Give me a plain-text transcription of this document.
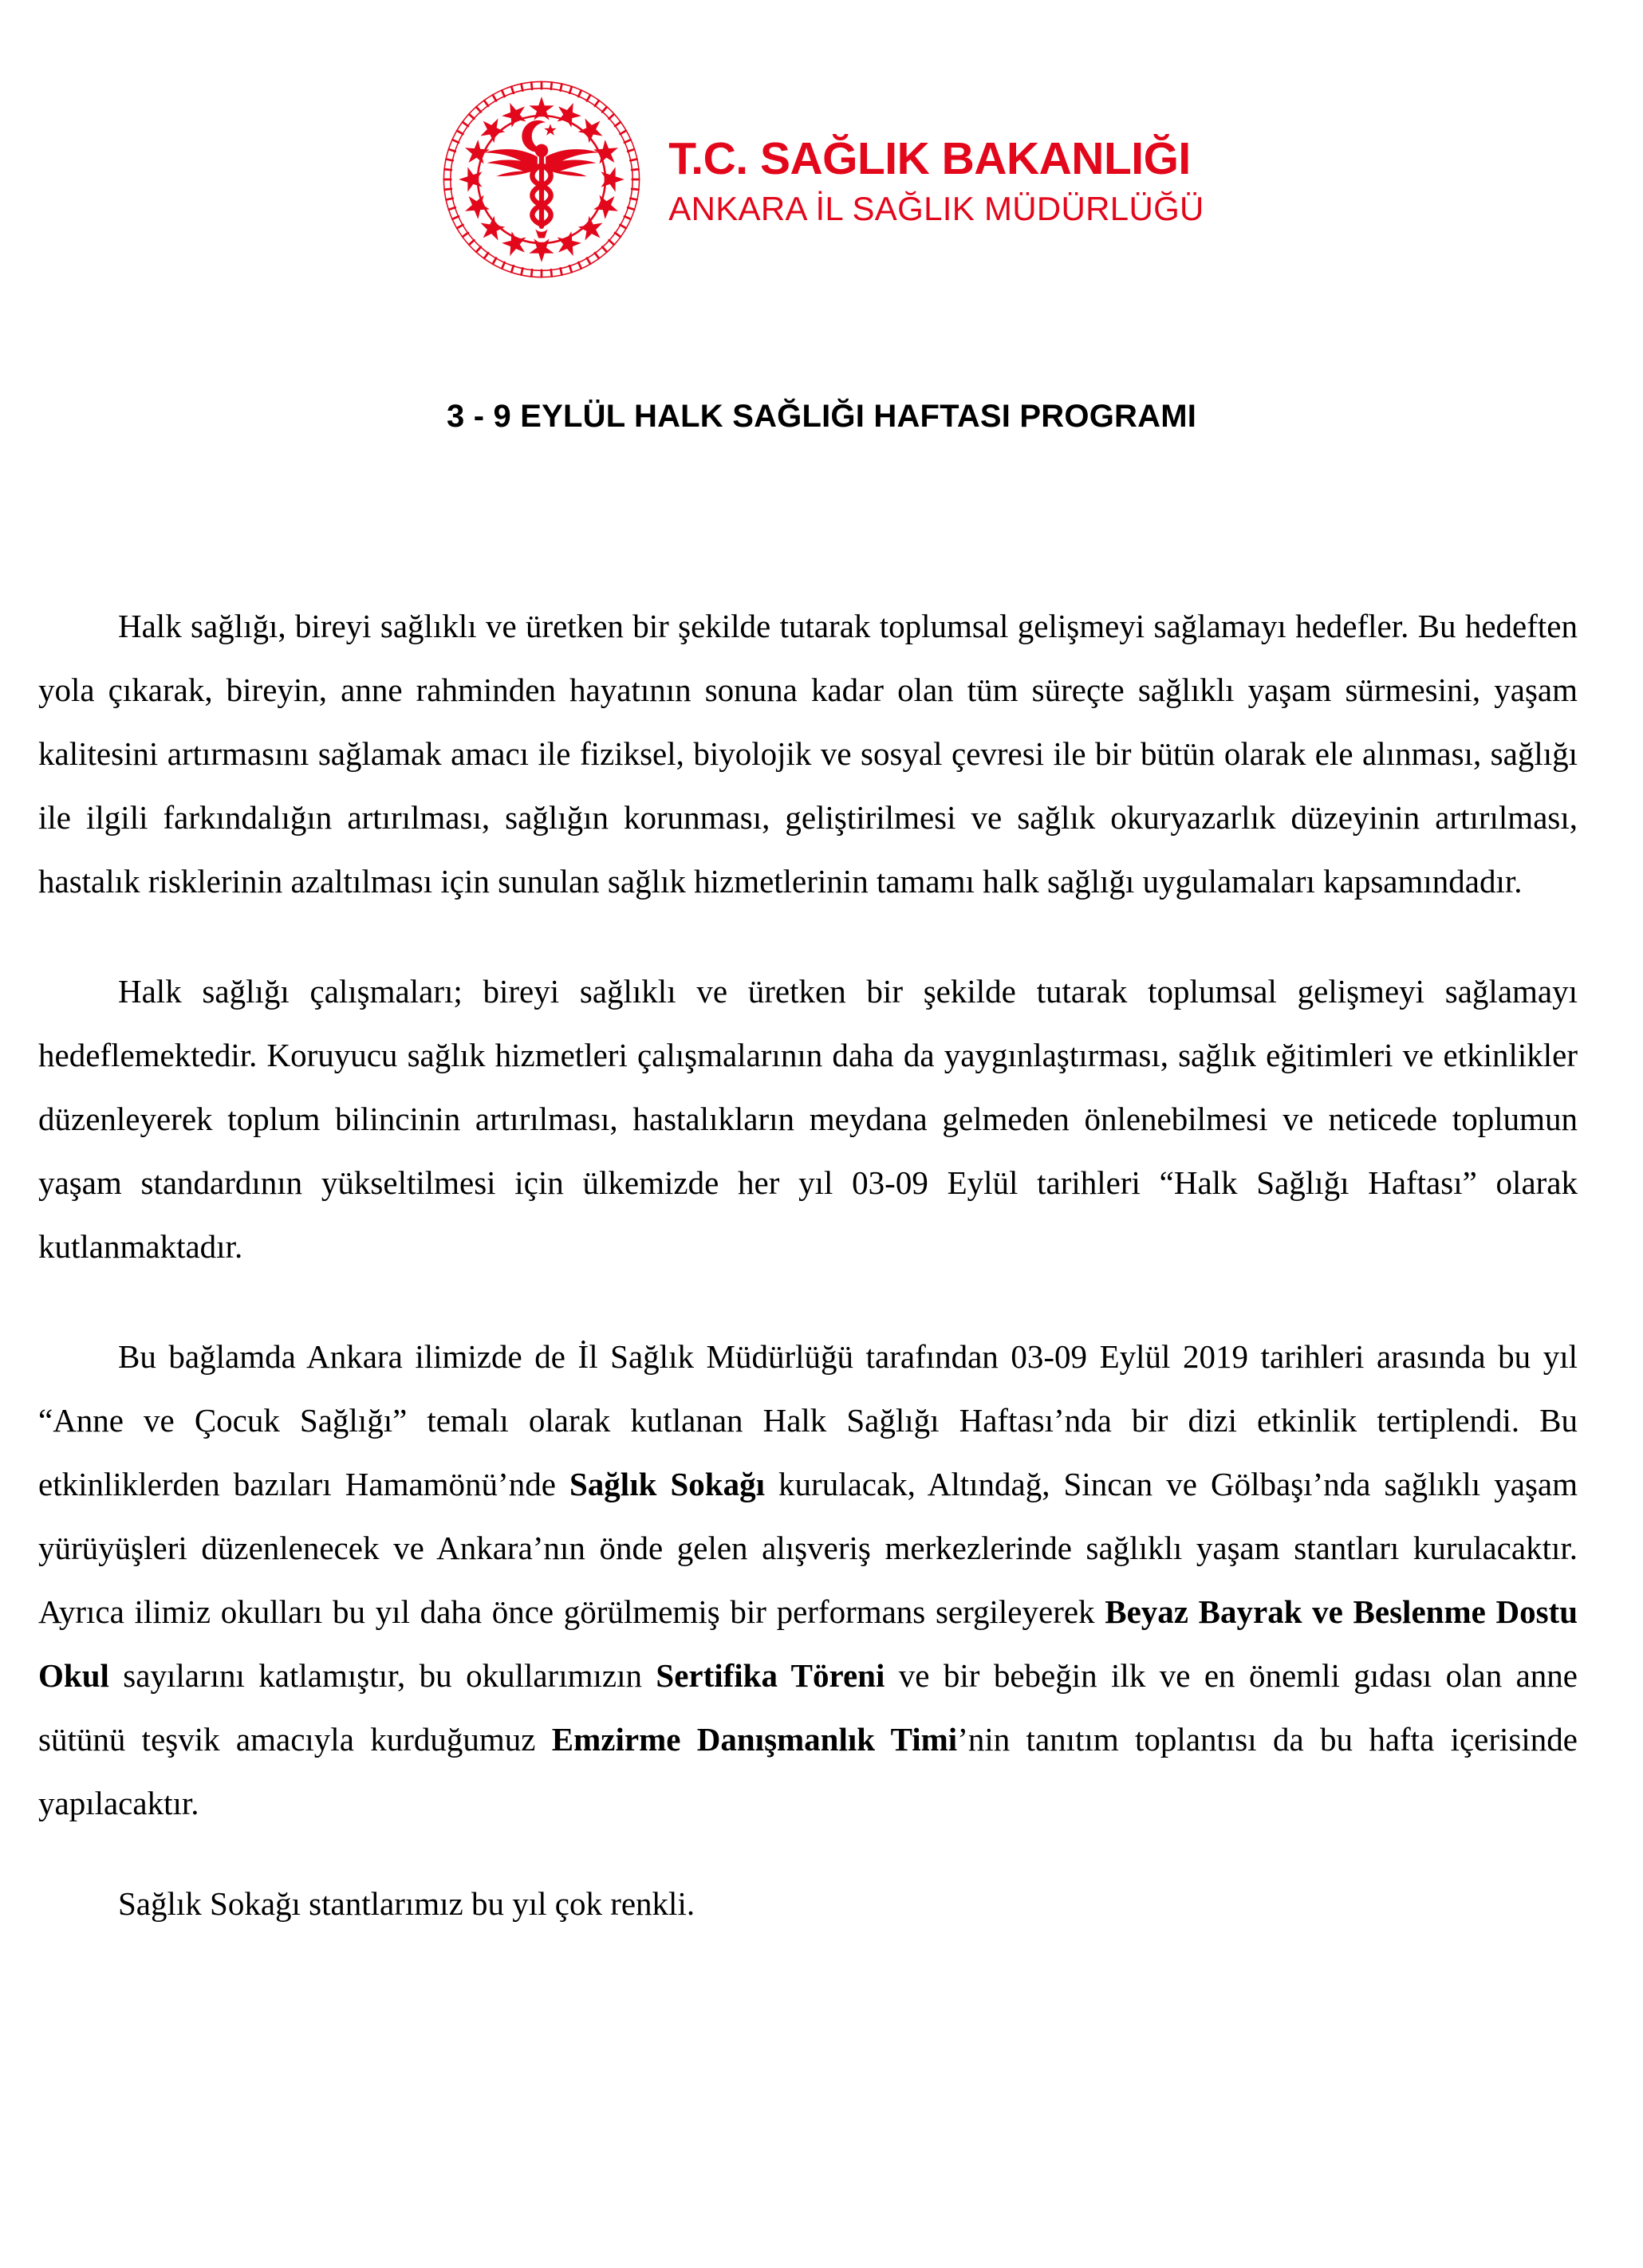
T.C. SAĞLIK BAKANLIĞI
ANKARA İL SAĞLIK MÜDÜRLÜĞÜ
3 - 9 EYLÜL HALK SAĞLIĞI HAFTASI PROGRAMI

Halk sağlığı, bireyi sağlıklı ve üretken bir şekilde tutarak toplumsal gelişmeyi sağlamayı hedefler. Bu hedeften yola çıkarak, bireyin, anne rahminden hayatının sonuna kadar olan tüm süreçte sağlıklı yaşam sürmesini, yaşam kalitesini artırmasını sağlamak amacı ile fiziksel, biyolojik ve sosyal çevresi ile bir bütün olarak ele alınması, sağlığı ile ilgili farkındalığın artırılması, sağlığın korunması, geliştirilmesi ve sağlık okuryazarlık düzeyinin artırılması, hastalık risklerinin azaltılması için sunulan sağlık hizmetlerinin tamamı halk sağlığı uygulamaları kapsamındadır.

Halk sağlığı çalışmaları; bireyi sağlıklı ve üretken bir şekilde tutarak toplumsal gelişmeyi sağlamayı hedeflemektedir. Koruyucu sağlık hizmetleri çalışmalarının daha da yaygınlaştırması, sağlık eğitimleri ve etkinlikler düzenleyerek toplum bilincinin artırılması, hastalıkların meydana gelmeden önlenebilmesi ve neticede toplumun yaşam standardının yükseltilmesi için ülkemizde her yıl 03-09 Eylül tarihleri “Halk Sağlığı Haftası” olarak kutlanmaktadır.

Bu bağlamda Ankara ilimizde de İl Sağlık Müdürlüğü tarafından 03-09 Eylül 2019 tarihleri arasında bu yıl “Anne ve Çocuk Sağlığı” temalı olarak kutlanan Halk Sağlığı Haftası’nda bir dizi etkinlik tertiplendi. Bu etkinliklerden bazıları Hamamönü’nde Sağlık Sokağı kurulacak, Altındağ, Sincan ve Gölbaşı’nda sağlıklı yaşam yürüyüşleri düzenlenecek ve Ankara’nın önde gelen alışveriş merkezlerinde sağlıklı yaşam stantları kurulacaktır. Ayrıca ilimiz okulları bu yıl daha önce görülmemiş bir performans sergileyerek Beyaz Bayrak ve Beslenme Dostu Okul sayılarını katlamıştır, bu okullarımızın Sertifika Töreni ve bir bebeğin ilk ve en önemli gıdası olan anne sütünü teşvik amacıyla kurduğumuz Emzirme Danışmanlık Timi’nin tanıtım toplantısı da bu hafta içerisinde yapılacaktır.

Sağlık Sokağı stantlarımız bu yıl çok renkli.
